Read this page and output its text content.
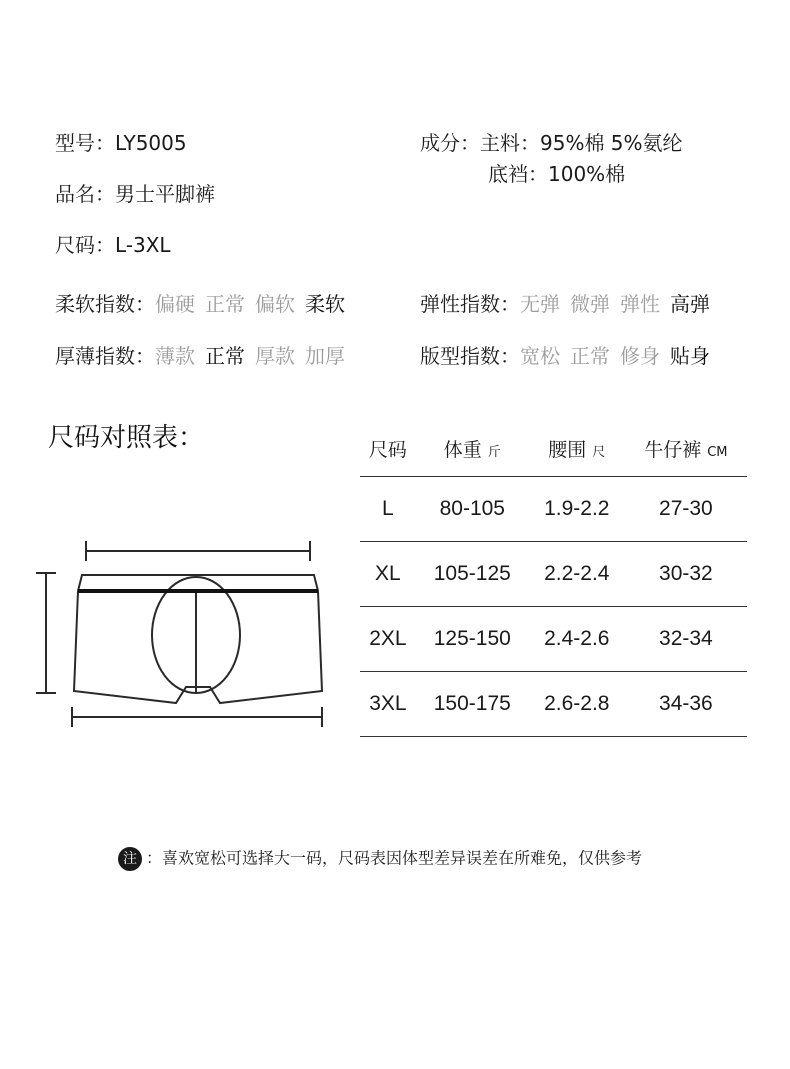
型号：LY5005
品名：男士平脚裤
尺码：L-3XL
成分：主料：95%棉 5%氨纶
底裆：100%棉
柔软指数：偏硬 正常 偏软 柔软	弹性指数：无弹 微弹 弹性 高弹
厚薄指数：薄款 正常 厚款 加厚	版型指数：宽松 正常 修身 贴身
尺码对照表：	尺码	体重 斤	腰围 尺	牛仔裤 CM
L	80-105	1.9-2.2	27-30
XL	105-125	2.2-2.4	30-32
2XL	125-150	2.4-2.6	32-34
3XL	150-175	2.6-2.8	34-36
注 ：喜欢宽松可选择大一码，尺码表因体型差异误差在所难免，仅供参考
